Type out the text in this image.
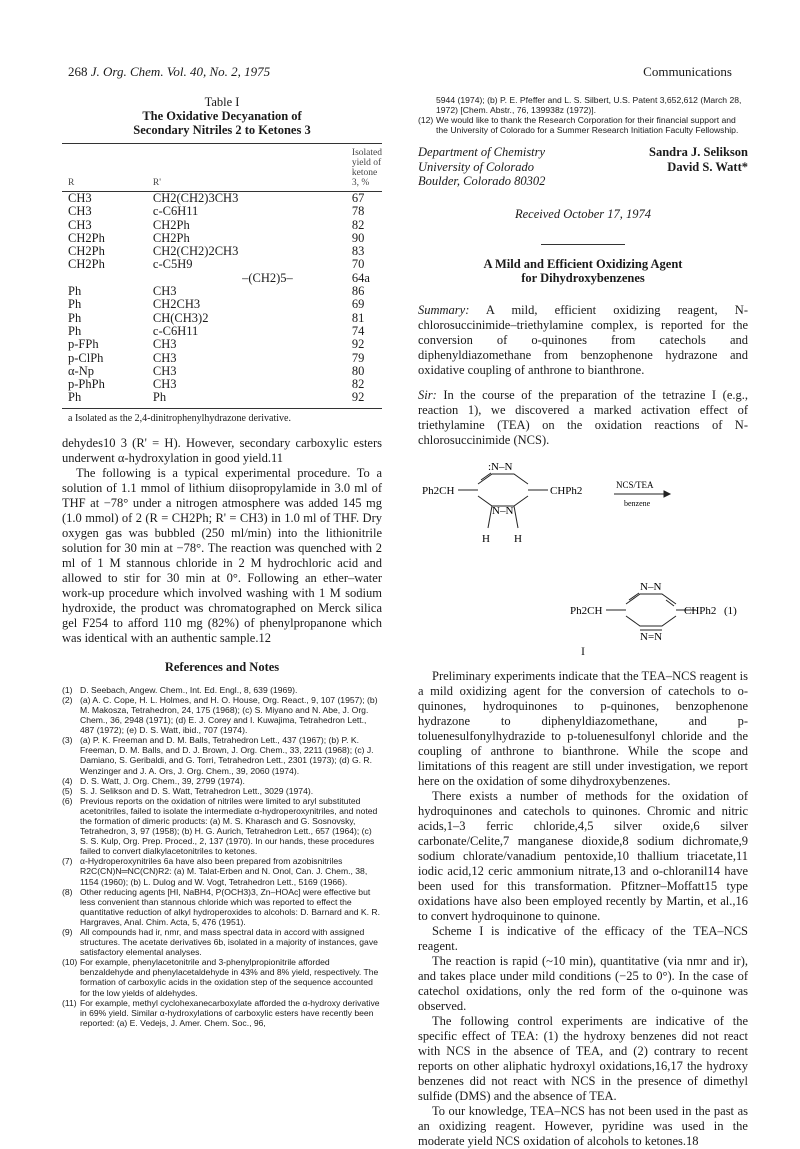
268 J. Org. Chem. Vol. 40, No. 2, 1975	Communications
Table I
The Oxidative Decyanation of
Secondary Nitriles 2 to Ketones 3
R	R'	Isolated yield of ketone 3, %
CH3	CH2(CH2)3CH3	67
CH3	c-C6H11	78
CH3	CH2Ph	82
CH2Ph	CH2Ph	90
CH2Ph	CH2(CH2)2CH3	83
CH2Ph	c-C5H9	70
	–(CH2)5–	64a
Ph	CH3	86
Ph	CH2CH3	69
Ph	CH(CH3)2	81
Ph	c-C6H11	74
p-FPh	CH3	92
p-ClPh	CH3	79
α-Np	CH3	80
p-PhPh	CH3	82
Ph	Ph	92
a Isolated as the 2,4-dinitrophenylhydrazone derivative.

dehydes10 3 (R' = H). However, secondary carboxylic esters underwent α-hydroxylation in good yield.11

The following is a typical experimental procedure. To a solution of 1.1 mmol of lithium diisopropylamide in 3.0 ml of THF at −78° under a nitrogen atmosphere was added 145 mg (1.0 mmol) of 2 (R = CH2Ph; R' = CH3) in 1.0 ml of THF. Dry oxygen gas was bubbled (250 ml/min) into the lithionitrile solution for 30 min at −78°. The reaction was quenched with 2 ml of 1 M stannous chloride in 2 M hydrochloric acid and allowed to stir for 30 min at 0°. Following an ether–water work-up procedure which involved washing with 1 M sodium hydroxide, the product was chromatographed on Merck silica gel F254 to afford 110 mg (82%) of phenylpropanone which was identical with an authentic sample.12

References and Notes
(1) D. Seebach, Angew. Chem., Int. Ed. Engl., 8, 639 (1969).
(2) (a) A. C. Cope, H. L. Holmes, and H. O. House, Org. React., 9, 107 (1957); (b) M. Makosza, Tetrahedron, 24, 175 (1968); (c) S. Miyano and N. Abe, J. Org. Chem., 36, 2948 (1971); (d) E. J. Corey and I. Kuwajima, Tetrahedron Lett., 487 (1972); (e) D. S. Watt, ibid., 707 (1974).
(3) (a) P. K. Freeman and D. M. Balls, Tetrahedron Lett., 437 (1967); (b) P. K. Freeman, D. M. Balls, and D. J. Brown, J. Org. Chem., 33, 2211 (1968); (c) J. Damiano, S. Geribaldi, and G. Torri, Tetrahedron Lett., 2301 (1973); (d) G. R. Wenzinger and J. A. Ors, J. Org. Chem., 39, 2060 (1974).
(4) D. S. Watt, J. Org. Chem., 39, 2799 (1974).
(5) S. J. Selikson and D. S. Watt, Tetrahedron Lett., 3029 (1974).
(6) Previous reports on the oxidation of nitriles were limited to aryl substituted acetonitriles, failed to isolate the intermediate α-hydroperoxynitriles, and noted the formation of dimeric products: (a) M. S. Kharasch and G. Sosnovsky, Tetrahedron, 3, 97 (1958); (b) H. G. Aurich, Tetrahedron Lett., 657 (1964); (c) S. S. Kulp, Org. Prep. Proced., 2, 137 (1970). In our hands, these procedures failed to convert dialkylacetonitriles to ketones.
(7) α-Hydroperoxynitriles 6a have also been prepared from azobisnitriles R2C(CN)N═NC(CN)R2: (a) M. Talat-Erben and N. Onol, Can. J. Chem., 38, 1154 (1960); (b) L. Dulog and W. Vogt, Tetrahedron Lett., 5169 (1966).
(8) Other reducing agents [HI, NaBH4, P(OCH3)3, Zn–HOAc] were effective but less convenient than stannous chloride which was reported to effect the quantitative reduction of alkyl hydroperoxides to alcohols: D. Barnard and K. R. Hargraves, Anal. Chim. Acta, 5, 476 (1951).
(9) All compounds had ir, nmr, and mass spectral data in accord with assigned structures. The acetate derivatives 6b, isolated in a majority of instances, gave satisfactory elemental analyses.
(10) For example, phenylacetonitrile and 3-phenylpropionitrile afforded benzaldehyde and phenylacetaldehyde in 43% and 8% yield, respectively. The formation of carboxylic acids in the oxidation step of the sequence accounted for the low yields of aldehydes.
(11) For example, methyl cyclohexanecarboxylate afforded the α-hydroxy derivative in 69% yield. Similar α-hydroxylations of carboxylic esters have recently been reported: (a) E. Vedejs, J. Amer. Chem. Soc., 96,
5944 (1974); (b) P. E. Pfeffer and L. S. Silbert, U.S. Patent 3,652,612 (March 28, 1972) [Chem. Abstr., 76, 139938z (1972)].
(12) We would like to thank the Research Corporation for their financial support and the University of Colorado for a Summer Research Initiation Faculty Fellowship.
Department of Chemistry
University of Colorado
Boulder, Colorado 80302
Sandra J. Selikson
David S. Watt*
Received October 17, 1974
A Mild and Efficient Oxidizing Agent
for Dihydroxybenzenes

Summary: A mild, efficient oxidizing reagent, N-chlorosuccinimide–triethylamine complex, is reported for the conversion of o-quinones from catechols and diphenyldiazomethane from benzophenone hydrazone and oxidative coupling of anthrone to bianthrone.

Sir: In the course of the preparation of the tetrazine I (e.g., reaction 1), we discovered a marked activation effect of triethylamine (TEA) on the oxidation reactions of N-chlorosuccinimide (NCS).

Ph2CH
:N–N
N–N
CHPh2
H H
NCS/TEA
benzene
Ph2CH
N–N
N=N
CHPh2 (1)
I

Preliminary experiments indicate that the TEA–NCS reagent is a mild oxidizing agent for the conversion of catechols to o-quinones, hydroquinones to p-quinones, benzophenone hydrazone to diphenyldiazomethane, and p-toluenesulfonylhydrazide to p-toluenesulfonyl chloride and the coupling of anthrone to bianthrone. While the scope and limitations of this reagent are still under investigation, we report here on the oxidation of some dihydroxybenzenes.

There exists a number of methods for the oxidation of hydroquinones and catechols to quinones. Chromic and nitric acids,1–3 ferric chloride,4,5 silver oxide,6 silver carbonate/Celite,7 manganese dioxide,8 sodium dichromate,9 sodium chlorate/vanadium pentoxide,10 thallium triacetate,11 iodic acid,12 ceric ammonium nitrate,13 and o-chloranil14 have been used for this transformation. Pfitzner–Moffatt15 type oxidations have also been employed recently by Martin, et al.,16 to convert hydroquinone to quinone.

Scheme I is indicative of the efficacy of the TEA–NCS reagent.

The reaction is rapid (~10 min), quantitative (via nmr and ir), and takes place under mild conditions (−25 to 0°). In the case of catechol oxidations, only the red form of the o-quinone was observed.

The following control experiments are indicative of the specific effect of TEA: (1) the hydroxy benzenes did not react with NCS in the absence of TEA, and (2) contrary to recent reports on other aliphatic hydroxyl oxidations,16,17 the hydroxy benzenes did not react with NCS in the presence of dimethyl sulfide (DMS) and the absence of TEA.

To our knowledge, TEA–NCS has not been used in the past as an oxidizing reagent. However, pyridine was used in the moderate yield NCS oxidation of alcohols to ketones.18
